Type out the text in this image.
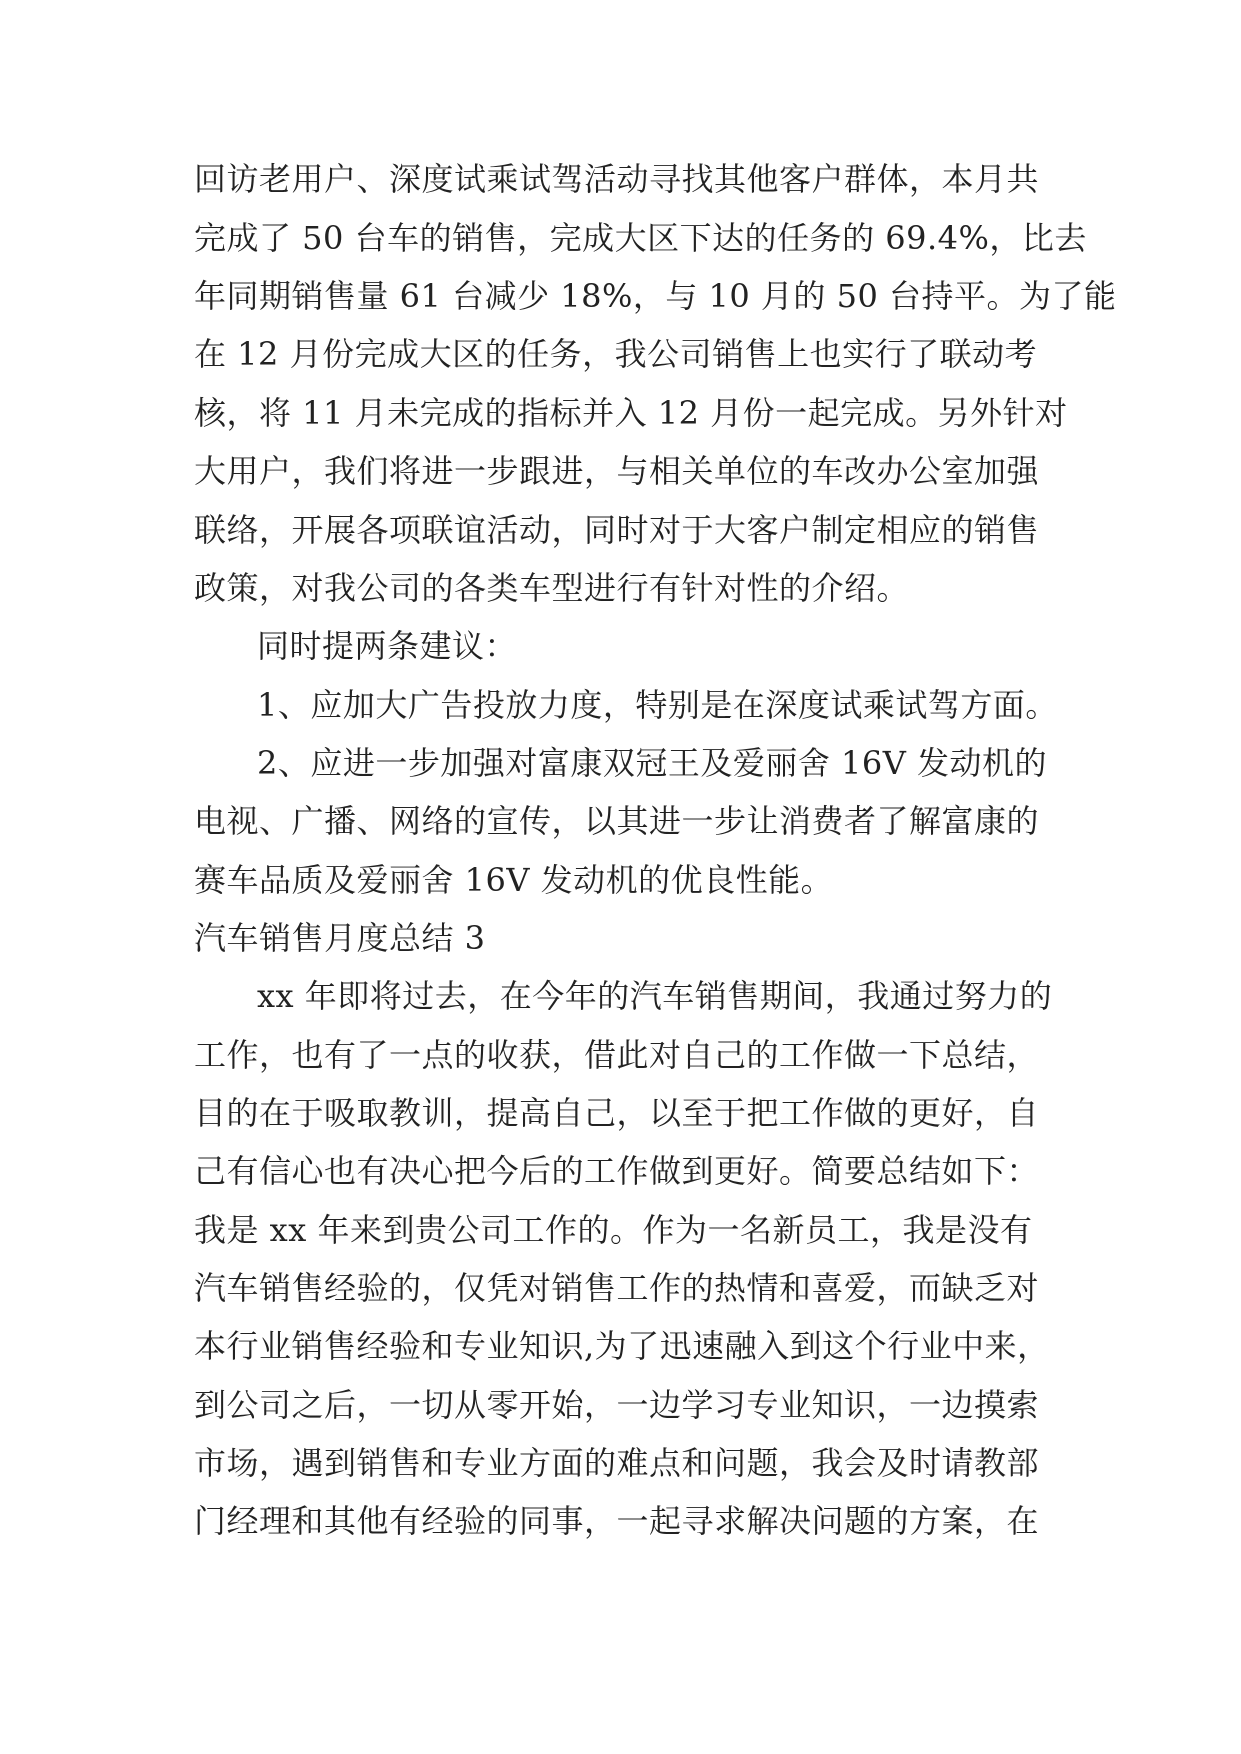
回访老用户、深度试乘试驾活动寻找其他客户群体，本月共
完成了 50 台车的销售，完成大区下达的任务的 69.4%，比去
年同期销售量 61 台减少 18%，与 10 月的 50 台持平。为了能
在 12 月份完成大区的任务，我公司销售上也实行了联动考
核，将 11 月未完成的指标并入 12 月份一起完成。另外针对
大用户，我们将进一步跟进，与相关单位的车改办公室加强
联络，开展各项联谊活动，同时对于大客户制定相应的销售
政策，对我公司的各类车型进行有针对性的介绍。
同时提两条建议：
1、应加大广告投放力度，特别是在深度试乘试驾方面。
2、应进一步加强对富康双冠王及爱丽舍 16V 发动机的
电视、广播、网络的宣传，以其进一步让消费者了解富康的
赛车品质及爱丽舍 16V 发动机的优良性能。
汽车销售月度总结 3
xx 年即将过去，在今年的汽车销售期间，我通过努力的
工作，也有了一点的收获，借此对自己的工作做一下总结，
目的在于吸取教训，提高自己，以至于把工作做的更好，自
己有信心也有决心把今后的工作做到更好。简要总结如下：
我是 xx 年来到贵公司工作的。作为一名新员工，我是没有
汽车销售经验的，仅凭对销售工作的热情和喜爱，而缺乏对
本行业销售经验和专业知识,为了迅速融入到这个行业中来，
到公司之后，一切从零开始，一边学习专业知识，一边摸索
市场，遇到销售和专业方面的难点和问题，我会及时请教部
门经理和其他有经验的同事，一起寻求解决问题的方案，在
